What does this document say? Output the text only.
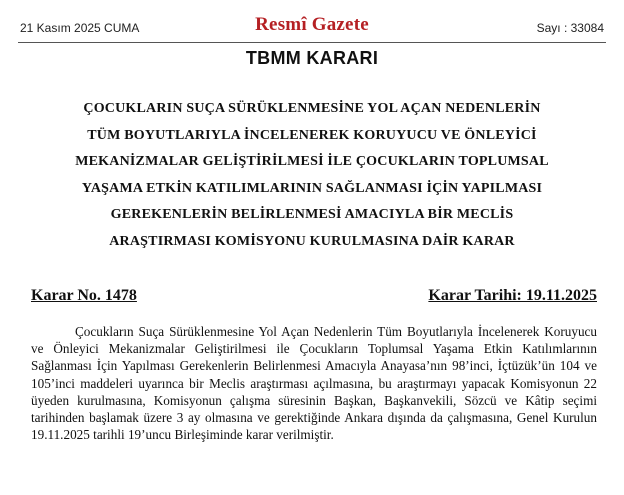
21 Kasım 2025 CUMA	Resmî Gazete	Sayı : 33084
TBMM KARARI
ÇOCUKLARIN SUÇA SÜRÜKLENMESİNE YOL AÇAN NEDENLERİN TÜM BOYUTLARIYLA İNCELENEREK KORUYUCU VE ÖNLEYİCİ MEKANİZMALAR GELİŞTİRİLMESİ İLE ÇOCUKLARIN TOPLUMSAL YAŞAMA ETKİN KATILIMLARININ SAĞLANMASI İÇİN YAPILMASI GEREKENLERİN BELİRLENMESİ AMACIYLA BİR MECLİS ARAŞTIRMASI KOMİSYONU KURULMASINA DAİR KARAR
Karar No. 1478	Karar Tarihi: 19.11.2025
Çocukların Suça Sürüklenmesine Yol Açan Nedenlerin Tüm Boyutlarıyla İncelenerek Koruyucu ve Önleyici Mekanizmalar Geliştirilmesi ile Çocukların Toplumsal Yaşama Etkin Katılımlarının Sağlanması İçin Yapılması Gerekenlerin Belirlenmesi Amacıyla Anayasa’nın 98’inci, İçtüzük’ün 104 ve 105’inci maddeleri uyarınca bir Meclis araştırması açılmasına, bu araştırmayı yapacak Komisyonun 22 üyeden kurulmasına, Komisyonun çalışma süresinin Başkan, Başkanvekili, Sözcü ve Kâtip seçimi tarihinden başlamak üzere 3 ay olmasına ve gerektiğinde Ankara dışında da çalışmasına, Genel Kurulun 19.11.2025 tarihli 19’uncu Birleşiminde karar verilmiştir.
